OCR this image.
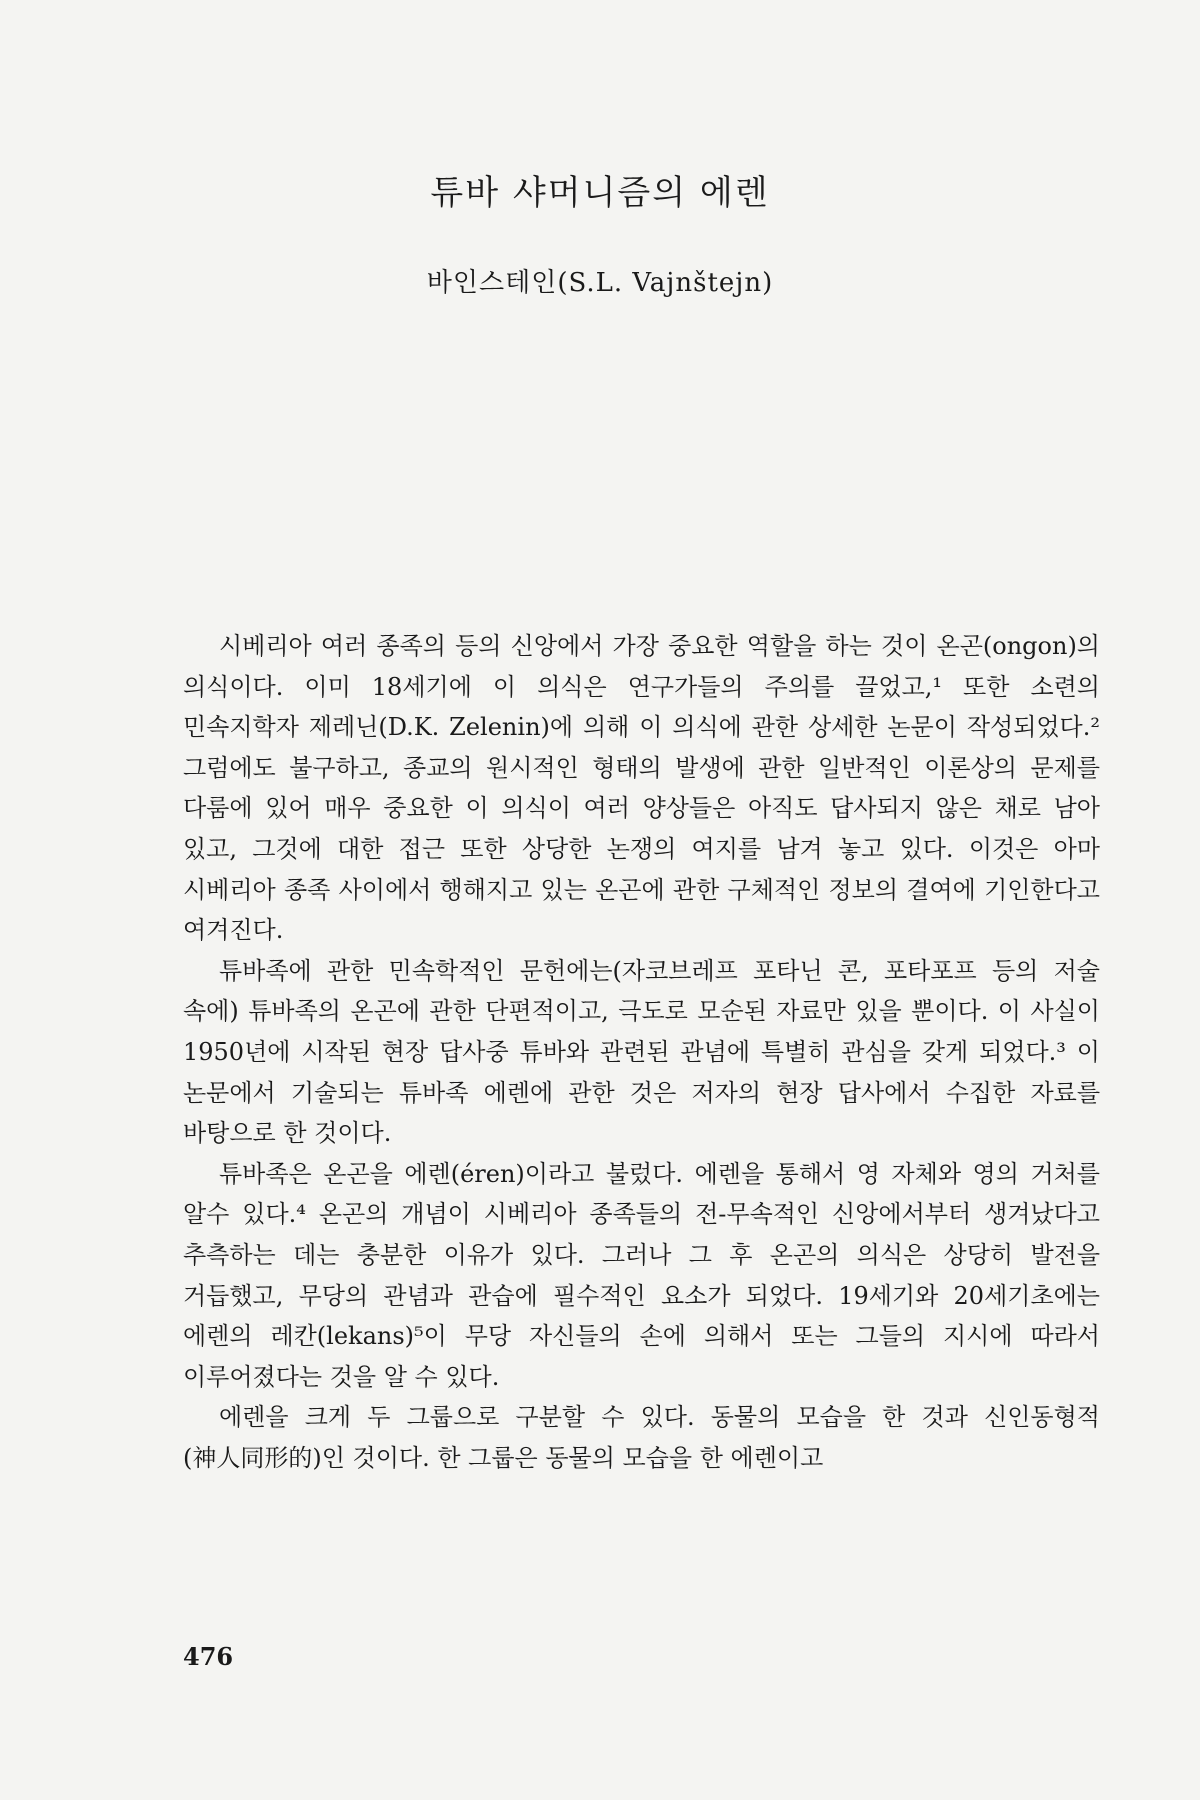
튜바 샤머니즘의 에렌
바인스테인(S.L. Vajnštejn)

시베리아 여러 종족의 등의 신앙에서 가장 중요한 역할을 하는 것이 온곤(ongon)의 의식이다. 이미 18세기에 이 의식은 연구가들의 주의를 끌었고,¹ 또한 소련의 민속지학자 제레닌(D.K. Zelenin)에 의해 이 의식에 관한 상세한 논문이 작성되었다.² 그럼에도 불구하고, 종교의 원시적인 형태의 발생에 관한 일반적인 이론상의 문제를 다룸에 있어 매우 중요한 이 의식이 여러 양상들은 아직도 답사되지 않은 채로 남아 있고, 그것에 대한 접근 또한 상당한 논쟁의 여지를 남겨 놓고 있다. 이것은 아마 시베리아 종족 사이에서 행해지고 있는 온곤에 관한 구체적인 정보의 결여에 기인한다고 여겨진다.

튜바족에 관한 민속학적인 문헌에는(자코브레프 포타닌 콘, 포타포프 등의 저술 속에) 튜바족의 온곤에 관한 단편적이고, 극도로 모순된 자료만 있을 뿐이다. 이 사실이 1950년에 시작된 현장 답사중 튜바와 관련된 관념에 특별히 관심을 갖게 되었다.³ 이 논문에서 기술되는 튜바족 에렌에 관한 것은 저자의 현장 답사에서 수집한 자료를 바탕으로 한 것이다.

튜바족은 온곤을 에렌(éren)이라고 불렀다. 에렌을 통해서 영 자체와 영의 거처를 알수 있다.⁴ 온곤의 개념이 시베리아 종족들의 전-무속적인 신앙에서부터 생겨났다고 추측하는 데는 충분한 이유가 있다. 그러나 그 후 온곤의 의식은 상당히 발전을 거듭했고, 무당의 관념과 관습에 필수적인 요소가 되었다. 19세기와 20세기초에는 에렌의 레칸(lekans)⁵이 무당 자신들의 손에 의해서 또는 그들의 지시에 따라서 이루어졌다는 것을 알 수 있다.

에렌을 크게 두 그룹으로 구분할 수 있다. 동물의 모습을 한 것과 신인동형적(神人同形的)인 것이다. 한 그룹은 동물의 모습을 한 에렌이고

476
